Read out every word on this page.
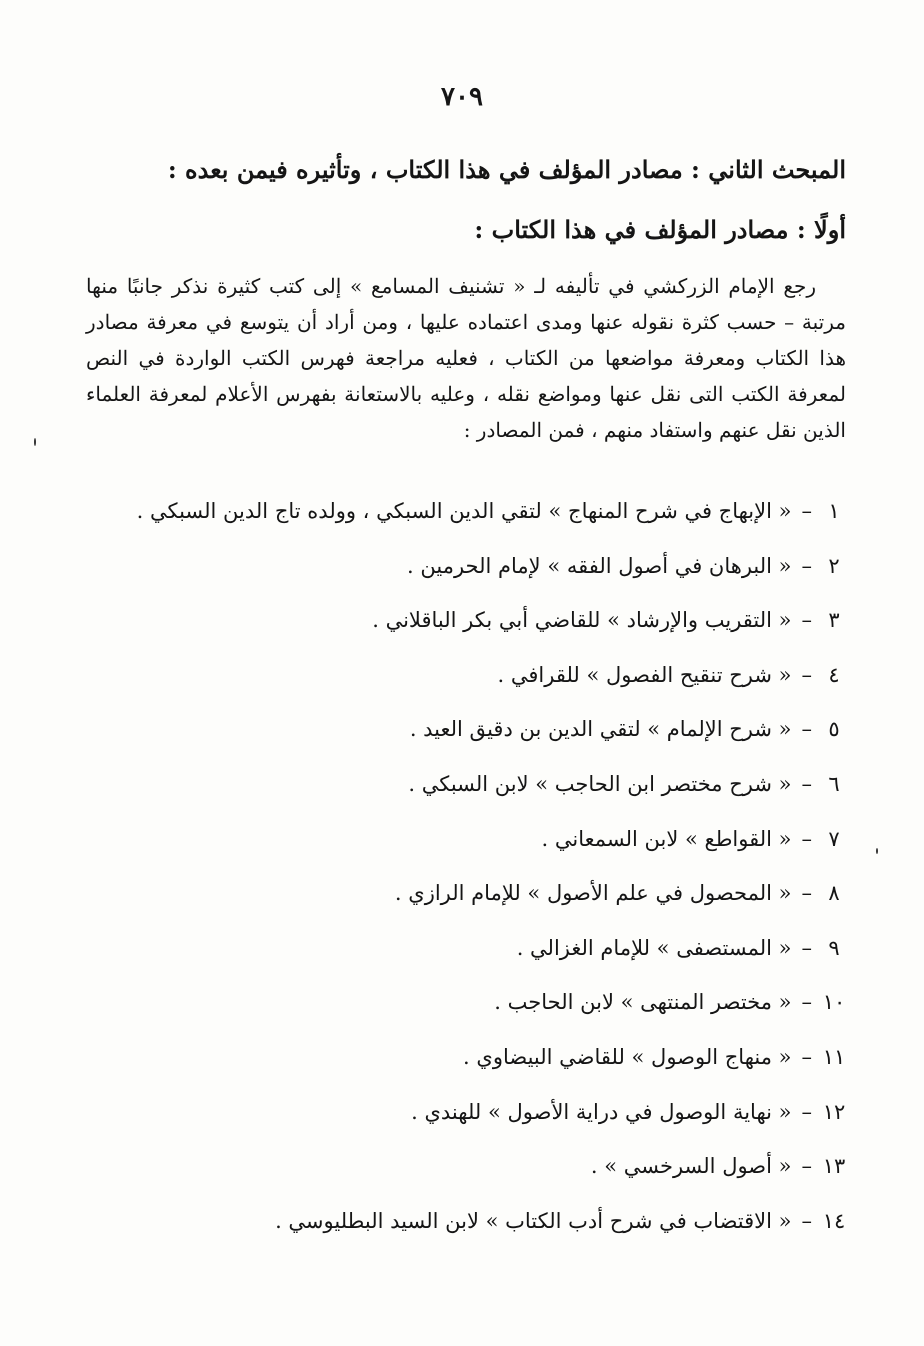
٧٠٩
المبحث الثاني : مصادر المؤلف في هذا الكتاب ، وتأثيره فيمن بعده :
أولًا : مصادر المؤلف في هذا الكتاب :

رجع الإمام الزركشي في تأليفه لـ « تشنيف المسامع » إلى كتب كثيرة نذكر جانبًا منها مرتبة – حسب كثرة نقوله عنها ومدى اعتماده عليها ، ومن أراد أن يتوسع في معرفة مصادر هذا الكتاب ومعرفة مواضعها من الكتاب ، فعليه مراجعة فهرس الكتب الواردة في النص لمعرفة الكتب التى نقل عنها ومواضع نقله ، وعليه بالاستعانة بفهرس الأعلام لمعرفة العلماء الذين نقل عنهم واستفاد منهم ، فمن المصادر :

١
–
« الإبهاج في شرح المنهاج » لتقي الدين السبكي ، وولده تاج الدين السبكي .
٢
–
« البرهان في أصول الفقه » لإمام الحرمين .
٣
–
« التقريب والإرشاد » للقاضي أبي بكر الباقلاني .
٤
–
« شرح تنقيح الفصول » للقرافي .
٥
–
« شرح الإلمام » لتقي الدين بن دقيق العيد .
٦
–
« شرح مختصر ابن الحاجب » لابن السبكي .
٧
–
« القواطع » لابن السمعاني .
٨
–
« المحصول في علم الأصول » للإمام الرازي .
٩
–
« المستصفى » للإمام الغزالي .
١٠
–
« مختصر المنتهى » لابن الحاجب .
١١
–
« منهاج الوصول » للقاضي البيضاوي .
١٢
–
« نهاية الوصول في دراية الأصول » للهندي .
١٣
–
« أصول السرخسي » .
١٤
–
« الاقتضاب في شرح أدب الكتاب » لابن السيد البطليوسي .
